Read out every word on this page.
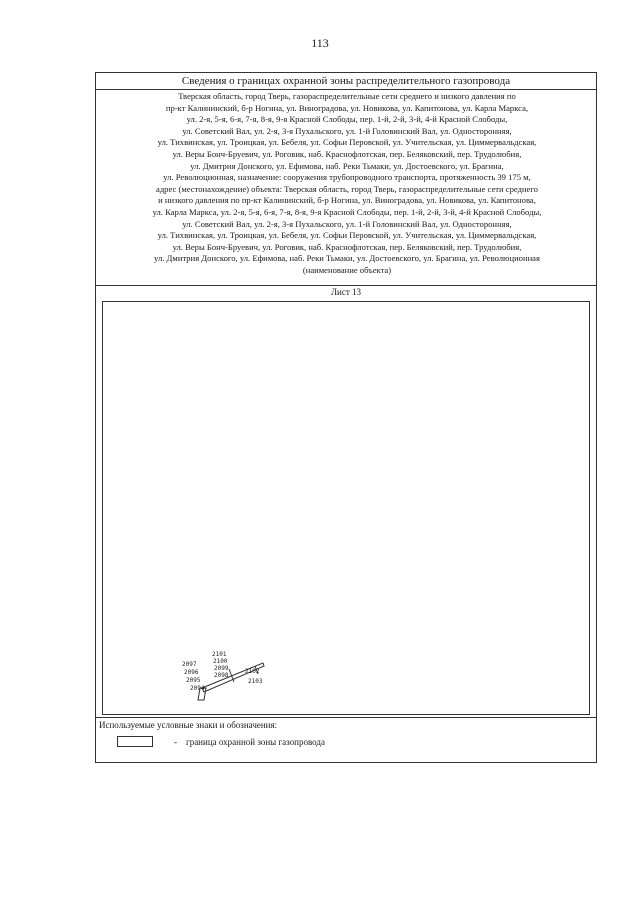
113
Сведения о границах охранной зоны распределительного газопровода
Тверская область, город Тверь, газораспределительные сети среднего и низкого давления по
пр-кт Калининский, б-р Ногина, ул. Виноградова, ул. Новикова, ул. Капитонова, ул. Карла Маркса,
ул. 2-я, 5-я, 6-я, 7-я, 8-я, 9-я Красной Слободы, пер. 1-й, 2-й, 3-й, 4-й Красной Слободы,
ул. Советский Вал, ул. 2-я, 3-я Пухальского, ул. 1-й Головинский Вал, ул. Односторонняя,
ул. Тихвинская, ул. Троицкая, ул. Бебеля, ул. Софьи Перовской, ул. Учительская, ул. Циммервальдская,
ул. Веры Бонч-Бруевич, ул. Роговик, наб. Краснофлотская, пер. Беляковский, пер. Трудолюбия,
ул. Дмитрия Донского, ул. Ефимова, наб. Реки Тьмаки, ул. Достоевского, ул. Брагина,
ул. Революционная, назначение: сооружения трубопроводного транспорта, протяженность 39 175 м,
адрес (местонахождение) объекта: Тверская область, город Тверь, газораспределительные сети среднего
и низкого давления по пр-кт Калининский, б-р Ногина, ул. Виноградова, ул. Новикова, ул. Капитонова,
ул. Карла Маркса, ул. 2-я, 5-я, 6-я, 7-я, 8-я, 9-я Красной Слободы, пер. 1-й, 2-й, 3-й, 4-й Красной Слободы,
ул. Советский Вал, ул. 2-я, 3-я Пухальского, ул. 1-й Головинский Вал, ул. Односторонняя,
ул. Тихвинская, ул. Троицкая, ул. Бебеля, ул. Софьи Перовской, ул. Учительская, ул. Циммервальдская,
ул. Веры Бонч-Бруевич, ул. Роговик, наб. Краснофлотская, пер. Беляковский, пер. Трудолюбия,
ул. Дмитрия Донского, ул. Ефимова, наб. Реки Тьмаки, ул. Достоевского, ул. Брагина, ул. Революционная
(наименование объекта)
Лист 13
2097
2096
2095
2094
2101
2100
2099
2098
2102
2103
Используемые условные знаки и обозначения:
- граница охранной зоны газопровода
